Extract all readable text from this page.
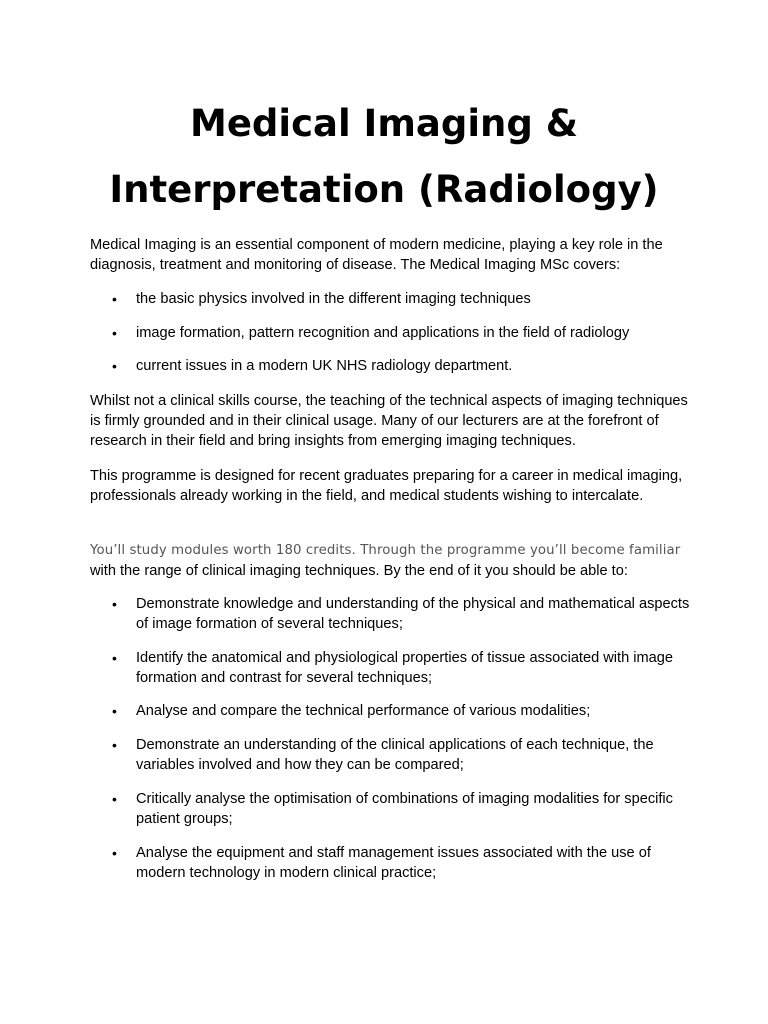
Medical Imaging &
Interpretation (Radiology)

Medical Imaging is an essential component of modern medicine, playing a key role in the diagnosis, treatment and monitoring of disease. The Medical Imaging MSc covers:

• the basic physics involved in the different imaging techniques
• image formation, pattern recognition and applications in the field of radiology
• current issues in a modern UK NHS radiology department.

Whilst not a clinical skills course, the teaching of the technical aspects of imaging techniques is firmly grounded and in their clinical usage. Many of our lecturers are at the forefront of research in their field and bring insights from emerging imaging techniques.

This programme is designed for recent graduates preparing for a career in medical imaging, professionals already working in the field, and medical students wishing to intercalate.

You’ll study modules worth 180 credits. Through the programme you’ll become familiar
with the range of clinical imaging techniques. By the end of it you should be able to:

• Demonstrate knowledge and understanding of the physical and mathematical aspects of image formation of several techniques;
• Identify the anatomical and physiological properties of tissue associated with image formation and contrast for several techniques;
• Analyse and compare the technical performance of various modalities;
• Demonstrate an understanding of the clinical applications of each technique, the variables involved and how they can be compared;
• Critically analyse the optimisation of combinations of imaging modalities for specific patient groups;
• Analyse the equipment and staff management issues associated with the use of modern technology in modern clinical practice;
